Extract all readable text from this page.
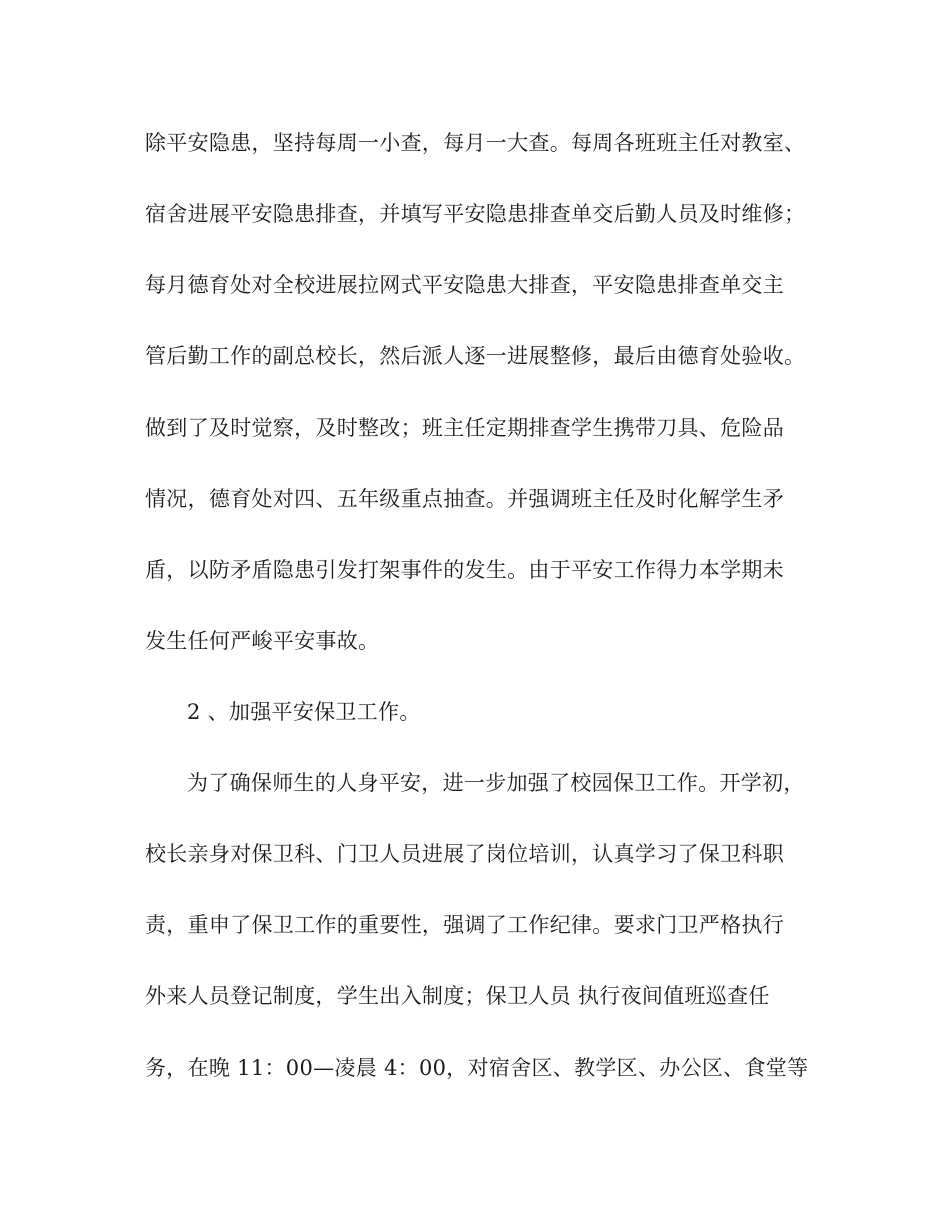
除平安隐患，坚持每周一小查，每月一大查。每周各班班主任对教室、
宿舍进展平安隐患排查，并填写平安隐患排查单交后勤人员及时维修；
每月德育处对全校进展拉网式平安隐患大排查，平安隐患排查单交主
管后勤工作的副总校长，然后派人逐一进展整修，最后由德育处验收。
做到了及时觉察，及时整改；班主任定期排查学生携带刀具、危险品
情况，德育处对四、五年级重点抽查。并强调班主任及时化解学生矛
盾，以防矛盾隐患引发打架事件的发生。由于平安工作得力本学期未
发生任何严峻平安事故。
2 、加强平安保卫工作。
为了确保师生的人身平安，进一步加强了校园保卫工作。开学初，
校长亲身对保卫科、门卫人员进展了岗位培训，认真学习了保卫科职
责，重申了保卫工作的重要性，强调了工作纪律。要求门卫严格执行
外来人员登记制度，学生出入制度；保卫人员 执行夜间值班巡查任
务，在晚 11：00—凌晨 4：00，对宿舍区、教学区、办公区、食堂等
